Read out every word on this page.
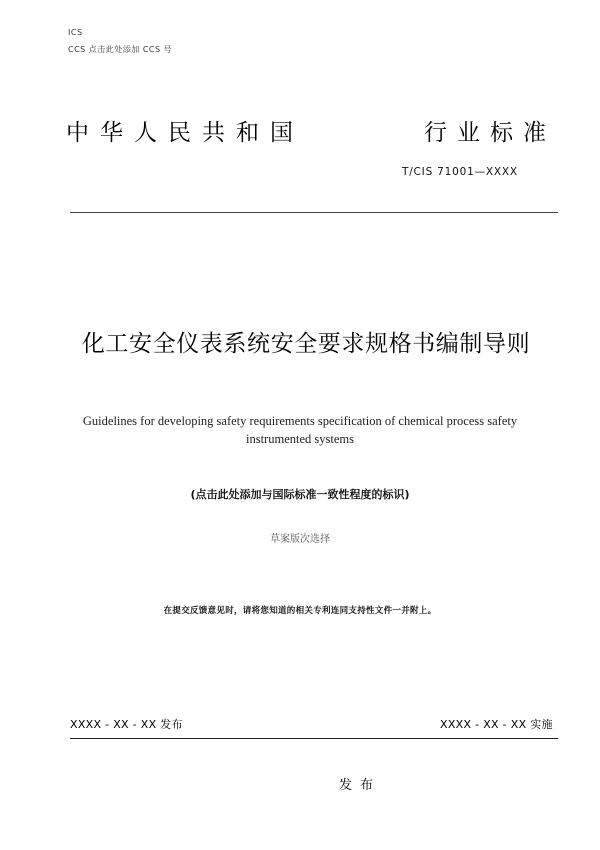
ICS
CCS 点击此处添加 CCS 号
中华人民共和国	行业标准
T/CIS 71001—XXXX
化工安全仪表系统安全要求规格书编制导则
Guidelines for developing safety requirements specification of chemical process safety instrumented systems
(点击此处添加与国际标准一致性程度的标识)
草案版次选择
在提交反馈意见时，请将您知道的相关专利连同支持性文件一并附上。
XXXX - XX - XX 发布	XXXX - XX - XX 实施
发布
